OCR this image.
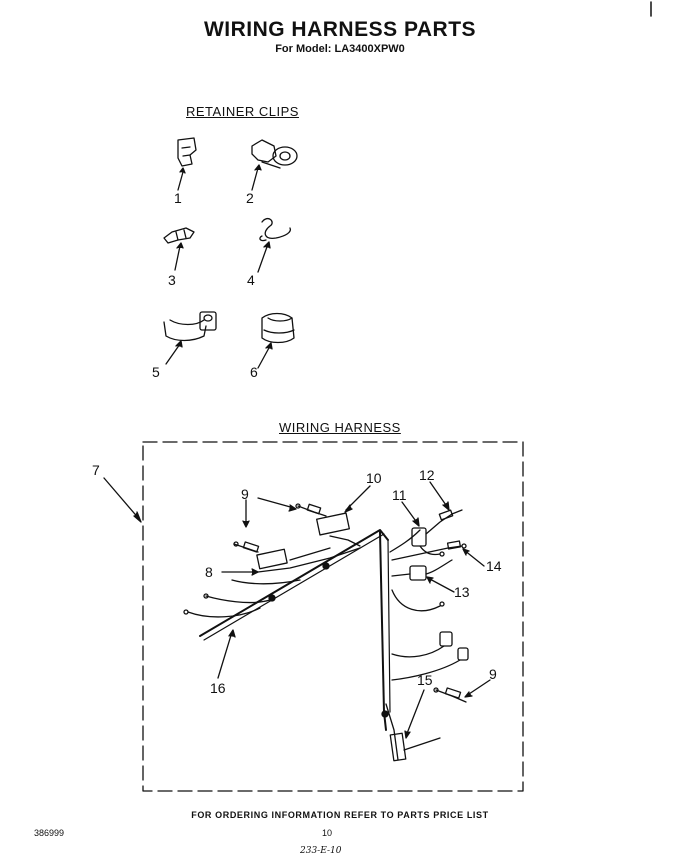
WIRING HARNESS PARTS
For Model: LA3400XPW0
RETAINER CLIPS
WIRING HARNESS
1	2
3	4
5	6
7
8
9
9
10
11
12
13
14
15
16
FOR ORDERING INFORMATION REFER TO PARTS PRICE LIST
386999	10
233-E-10
